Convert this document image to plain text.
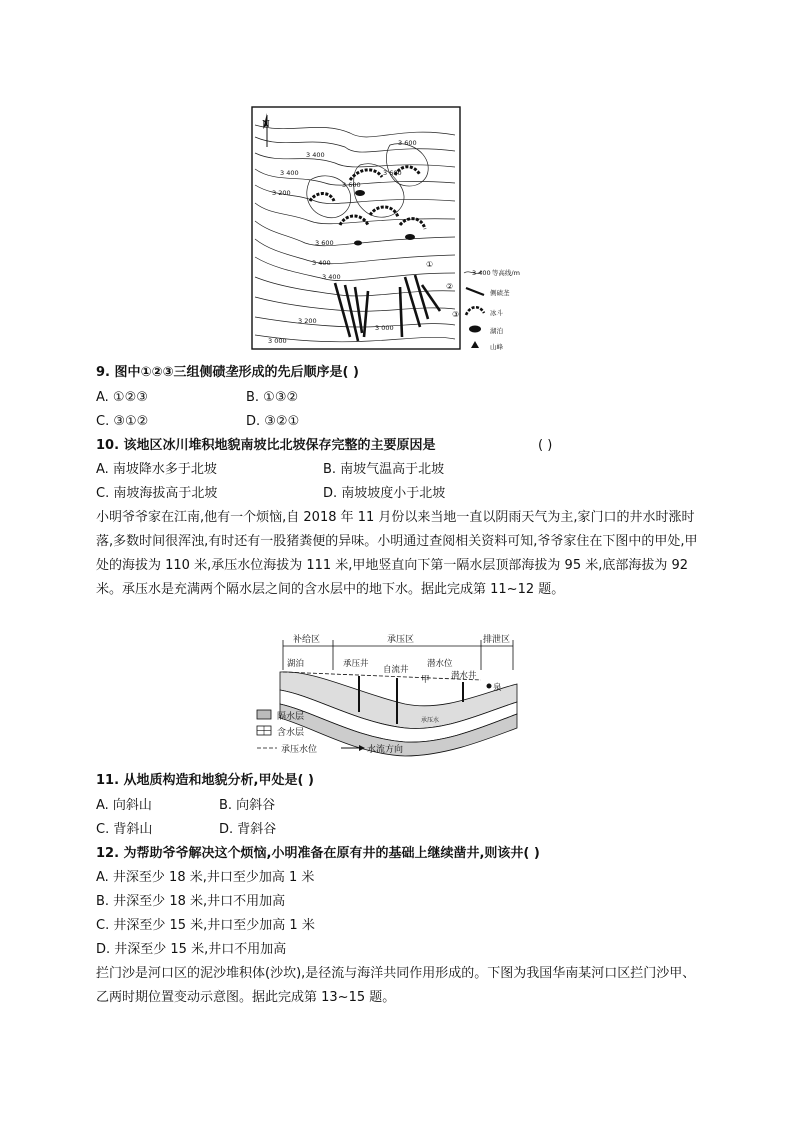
N
3 400
3 600
3 600
3 600
3 400
3 200
3 400
3 600
3 400
3 200
3 000
3 000
①
②
③
3 400 等高线/m
侧碛垄
冰斗
湖泊
山峰
9. 图中①②③三组侧碛垄形成的先后顺序是( )
A. ①②③	B. ①③②
C. ③①②	D. ③②①
10. 该地区冰川堆积地貌南坡比北坡保存完整的主要原因是	( )
A. 南坡降水多于北坡	B. 南坡气温高于北坡
C. 南坡海拔高于北坡	D. 南坡坡度小于北坡
小明爷爷家在江南,他有一个烦恼,自 2018 年 11 月份以来当地一直以阴雨天气为主,家门口的井水时涨时落,多数时间很浑浊,有时还有一股猪粪便的异味。小明通过查阅相关资料可知,爷爷家住在下图中的甲处,甲处的海拔为 110 米,承压水位海拔为 111 米,甲地竖直向下第一隔水层顶部海拔为 95 米,底部海拔为 92 米。承压水是充满两个隔水层之间的含水层中的地下水。据此完成第 11~12 题。
补给区	承压区	排泄区
湖泊	承压井
自流井
潜水位
甲	潜水井
泉
承压水
隔水层
含水层
承压水位	水流方向
11. 从地质构造和地貌分析,甲处是( )
A. 向斜山	B. 向斜谷
C. 背斜山	D. 背斜谷
12. 为帮助爷爷解决这个烦恼,小明准备在原有井的基础上继续凿井,则该井( )
A. 井深至少 18 米,井口至少加高 1 米
B. 井深至少 18 米,井口不用加高
C. 井深至少 15 米,井口至少加高 1 米
D. 井深至少 15 米,井口不用加高
拦门沙是河口区的泥沙堆积体(沙坎),是径流与海洋共同作用形成的。下图为我国华南某河口区拦门沙甲、乙两时期位置变动示意图。据此完成第 13~15 题。
